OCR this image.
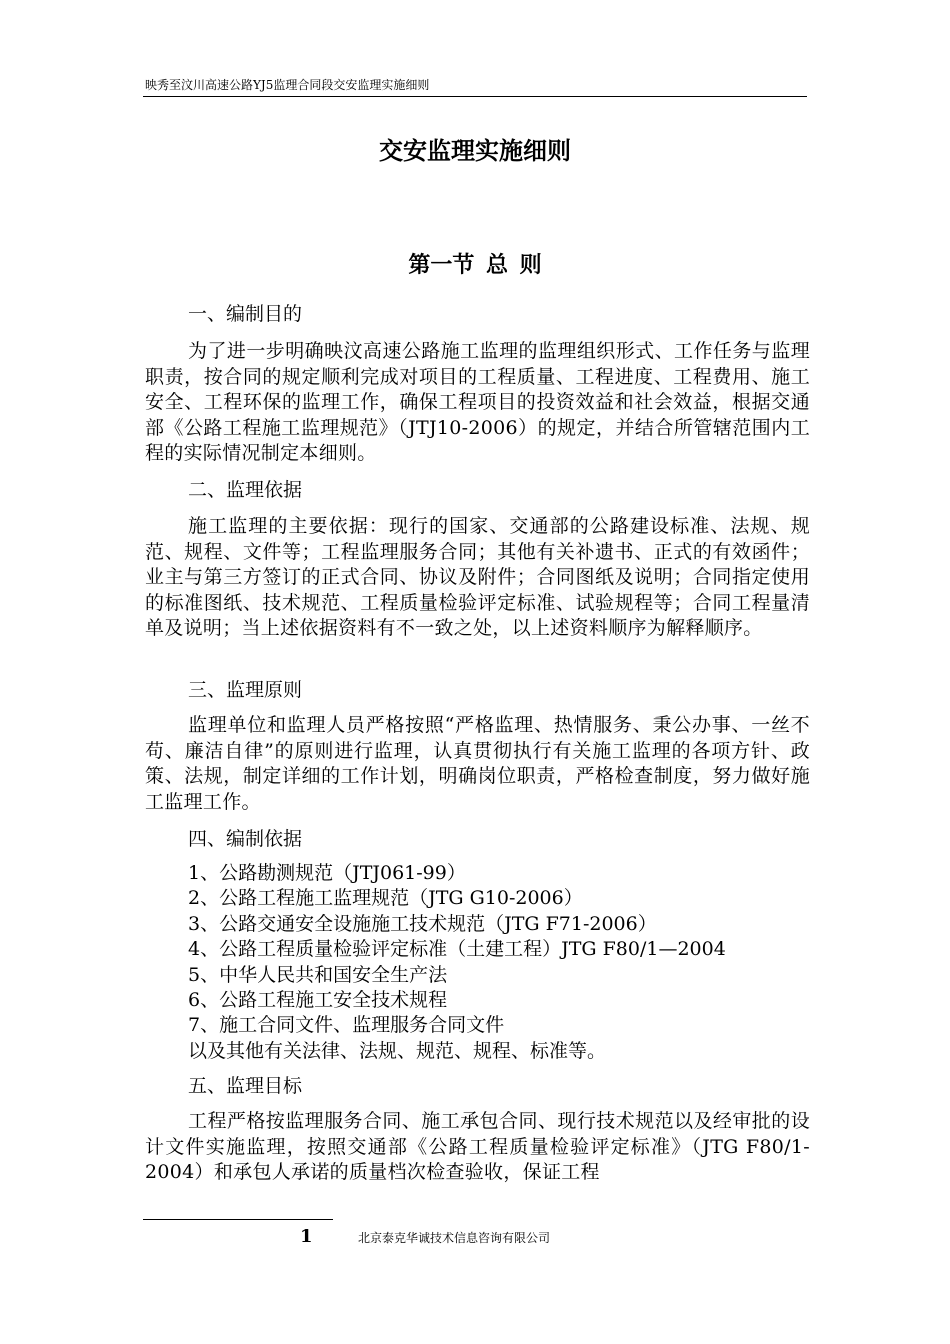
映秀至汶川高速公路YJ5监理合同段交安监理实施细则
交安监理实施细则
第一节 总 则
一、编制目的
为了进一步明确映汶高速公路施工监理的监理组织形式、工作任务与监理职责，按合同的规定顺利完成对项目的工程质量、工程进度、工程费用、施工安全、工程环保的监理工作，确保工程项目的投资效益和社会效益，根据交通部《公路工程施工监理规范》（JTJ10-2006）的规定，并结合所管辖范围内工程的实际情况制定本细则。
二、监理依据
施工监理的主要依据：现行的国家、交通部的公路建设标准、法规、规范、规程、文件等；工程监理服务合同；其他有关补遗书、正式的有效函件；业主与第三方签订的正式合同、协议及附件；合同图纸及说明；合同指定使用的标准图纸、技术规范、工程质量检验评定标准、试验规程等；合同工程量清单及说明；当上述依据资料有不一致之处，以上述资料顺序为解释顺序。
三、监理原则
监理单位和监理人员严格按照“严格监理、热情服务、秉公办事、一丝不苟、廉洁自律”的原则进行监理，认真贯彻执行有关施工监理的各项方针、政策、法规，制定详细的工作计划，明确岗位职责，严格检查制度，努力做好施工监理工作。
四、编制依据
1、公路勘测规范（JTJ061-99）
2、公路工程施工监理规范（JTG G10-2006）
3、公路交通安全设施施工技术规范（JTG F71-2006）
4、公路工程质量检验评定标准（土建工程）JTG F80/1—2004
5、中华人民共和国安全生产法
6、公路工程施工安全技术规程
7、施工合同文件、监理服务合同文件
以及其他有关法律、法规、规范、规程、标准等。
五、监理目标
工程严格按监理服务合同、施工承包合同、现行技术规范以及经审批的设计文件实施监理，按照交通部《公路工程质量检验评定标准》（JTG F80/1-2004）和承包人承诺的质量档次检查验收，保证工程
1	北京泰克华诚技术信息咨询有限公司
